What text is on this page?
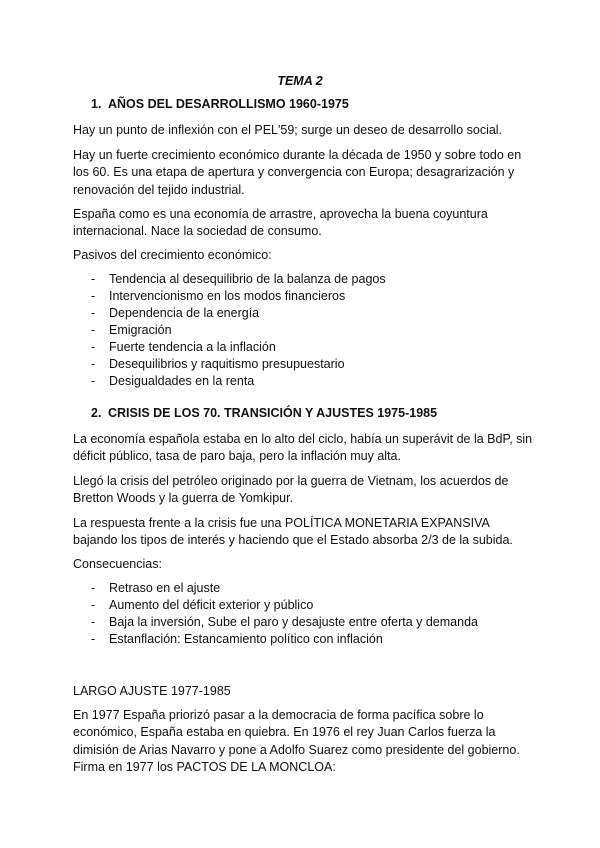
TEMA 2
1. AÑOS DEL DESARROLLISMO 1960-1975
Hay un punto de inflexión con el PEL'59; surge un deseo de desarrollo social.
Hay un fuerte crecimiento económico durante la década de 1950 y sobre todo en los 60. Es una etapa de apertura y convergencia con Europa; desagrarización y renovación del tejido industrial.
España como es una economía de arrastre, aprovecha la buena coyuntura internacional. Nace la sociedad de consumo.
Pasivos del crecimiento económico:
- Tendencia al desequilibrio de la balanza de pagos
- Intervencionismo en los modos financieros
- Dependencia de la energía
- Emigración
- Fuerte tendencia a la inflación
- Desequilibrios y raquitismo presupuestario
- Desigualdades en la renta
2. CRISIS DE LOS 70. TRANSICIÓN Y AJUSTES 1975-1985
La economía española estaba en lo alto del ciclo, había un superávit de la BdP, sin déficit público, tasa de paro baja, pero la inflación muy alta.
Llegó la crisis del petróleo originado por la guerra de Vietnam, los acuerdos de Bretton Woods y la guerra de Yomkipur.
La respuesta frente a la crisis fue una POLÍTICA MONETARIA EXPANSIVA bajando los tipos de interés y haciendo que el Estado absorba 2/3 de la subida.
Consecuencias:
- Retraso en el ajuste
- Aumento del déficit exterior y público
- Baja la inversión, Sube el paro y desajuste entre oferta y demanda
- Estanflación: Estancamiento político con inflación
LARGO AJUSTE 1977-1985
En 1977 España priorizó pasar a la democracia de forma pacífica sobre lo económico, España estaba en quiebra. En 1976 el rey Juan Carlos fuerza la dimisión de Arias Navarro y pone a Adolfo Suarez como presidente del gobierno. Firma en 1977 los PACTOS DE LA MONCLOA:
